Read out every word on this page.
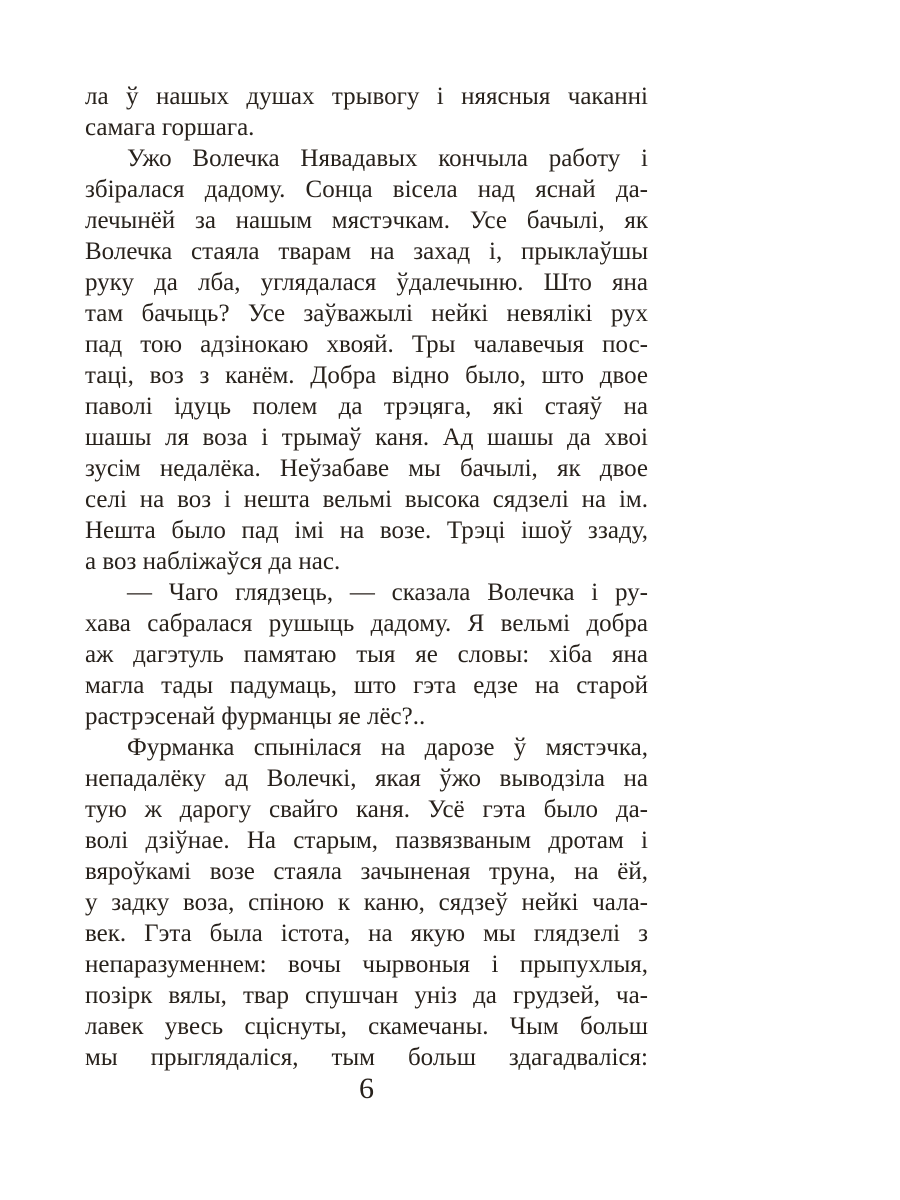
ла ў нашых душах трывогу і няясныя чаканні
самага горшага.
Ужо Волечка Нявадавых кончыла работу і
збіралася дадому. Сонца вісела над яснай да-
лечынёй за нашым мястэчкам. Усе бачылі, як
Волечка стаяла тварам на захад і, прыклаўшы
руку да лба, углядалася ўдалечыню. Што яна
там бачыць? Усе заўважылі нейкі невялікі рух
пад тою адзінокаю хвояй. Тры чалавечыя пос-
таці, воз з канём. Добра відно было, што двое
паволі ідуць полем да трэцяга, які стаяў на
шашы ля воза і трымаў каня. Ад шашы да хвоі
зусім недалёка. Неўзабаве мы бачылі, як двое
селі на воз і нешта вельмі высока сядзелі на ім.
Нешта было пад імі на возе. Трэці ішоў ззаду,
а воз набліжаўся да нас.
— Чаго глядзець, — сказала Волечка і ру-
хава сабралася рушыць дадому. Я вельмі добра
аж дагэтуль памятаю тыя яе словы: хіба яна
магла тады падумаць, што гэта едзе на старой
растрэсенай фурманцы яе лёс?..
Фурманка спынілася на дарозе ў мястэчка,
непадалёку ад Волечкі, якая ўжо выводзіла на
тую ж дарогу свайго каня. Усё гэта было да-
волі дзіўнае. На старым, пазвязваным дротам і
вяроўкамі возе стаяла зачыненая труна, на ёй,
у задку воза, спіною к каню, сядзеў нейкі чала-
век. Гэта была істота, на якую мы глядзелі з
непаразуменнем: вочы чырвоныя і прыпухлыя,
позірк вялы, твар спушчан уніз да грудзей, ча-
лавек увесь сціснуты, скамечаны. Чым больш
мы прыглядаліся, тым больш здагадваліся:
6
